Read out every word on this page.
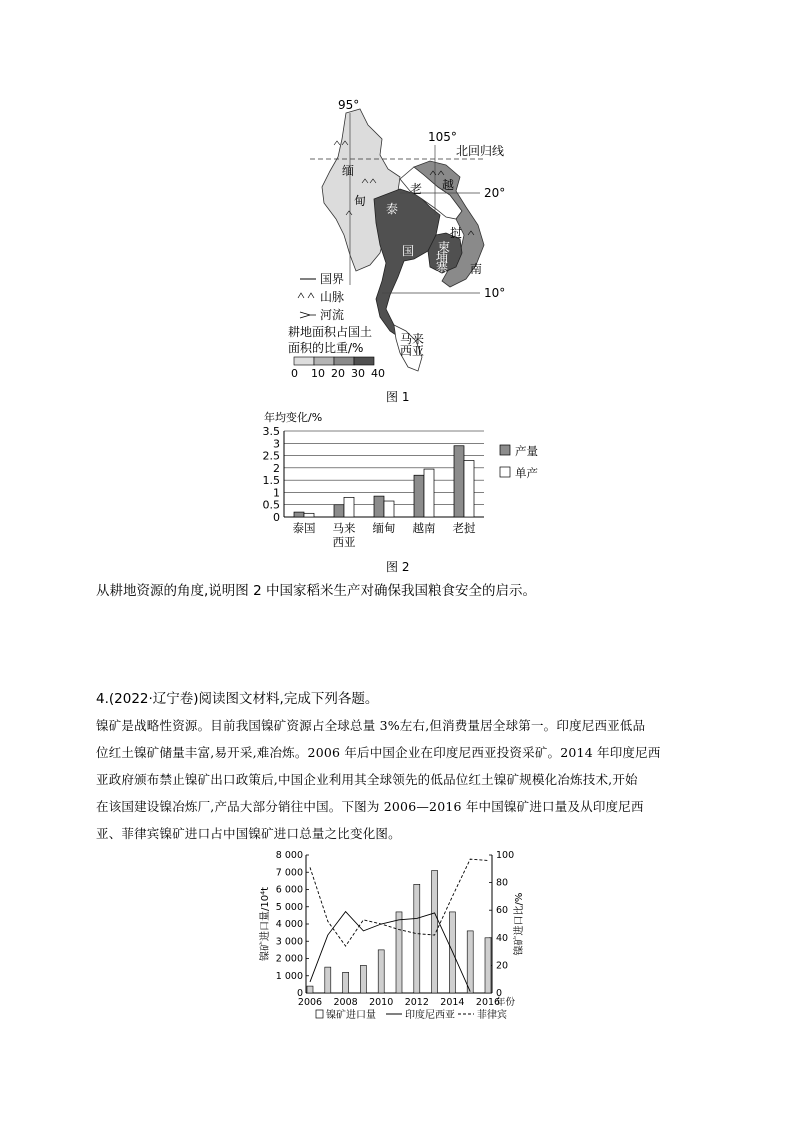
95°
105°
北回归线
20°
10°
缅
甸
老
挝
泰
国
越
南
柬
埔
寨
马来
西亚
国界
山脉
河流
耕地面积占国土
面积的比重/%
0 10 20 30 40
图 1
年均变化/%
0
0.5
1
1.5
2
2.5
3
3.5
泰国 马来
西亚
缅甸 越南 老挝
产量
单产
图 2
从耕地资源的角度,说明图 2 中国家稻米生产对确保我国粮食安全的启示。
4.(2022·辽宁卷)阅读图文材料,完成下列各题。
镍矿是战略性资源。目前我国镍矿资源占全球总量 3%左右,但消费量居全球第一。印度尼西亚低品
位红土镍矿储量丰富,易开采,难冶炼。2006 年后中国企业在印度尼西亚投资采矿。2014 年印度尼西
亚政府颁布禁止镍矿出口政策后,中国企业利用其全球领先的低品位红土镍矿规模化冶炼技术,开始
在该国建设镍冶炼厂,产品大部分销往中国。下图为 2006—2016 年中国镍矿进口量及从印度尼西
亚、菲律宾镍矿进口占中国镍矿进口总量之比变化图。
0
1 000
2 000
3 000
4 000
5 000
6 000
7 000
8 000
0
20
40
60
80
100
镍矿进口量/10⁴t	镍矿进口比/%
2006 2008 2010 2012 2014 2016
年份
镍矿进口量	印度尼西亚 菲律宾
